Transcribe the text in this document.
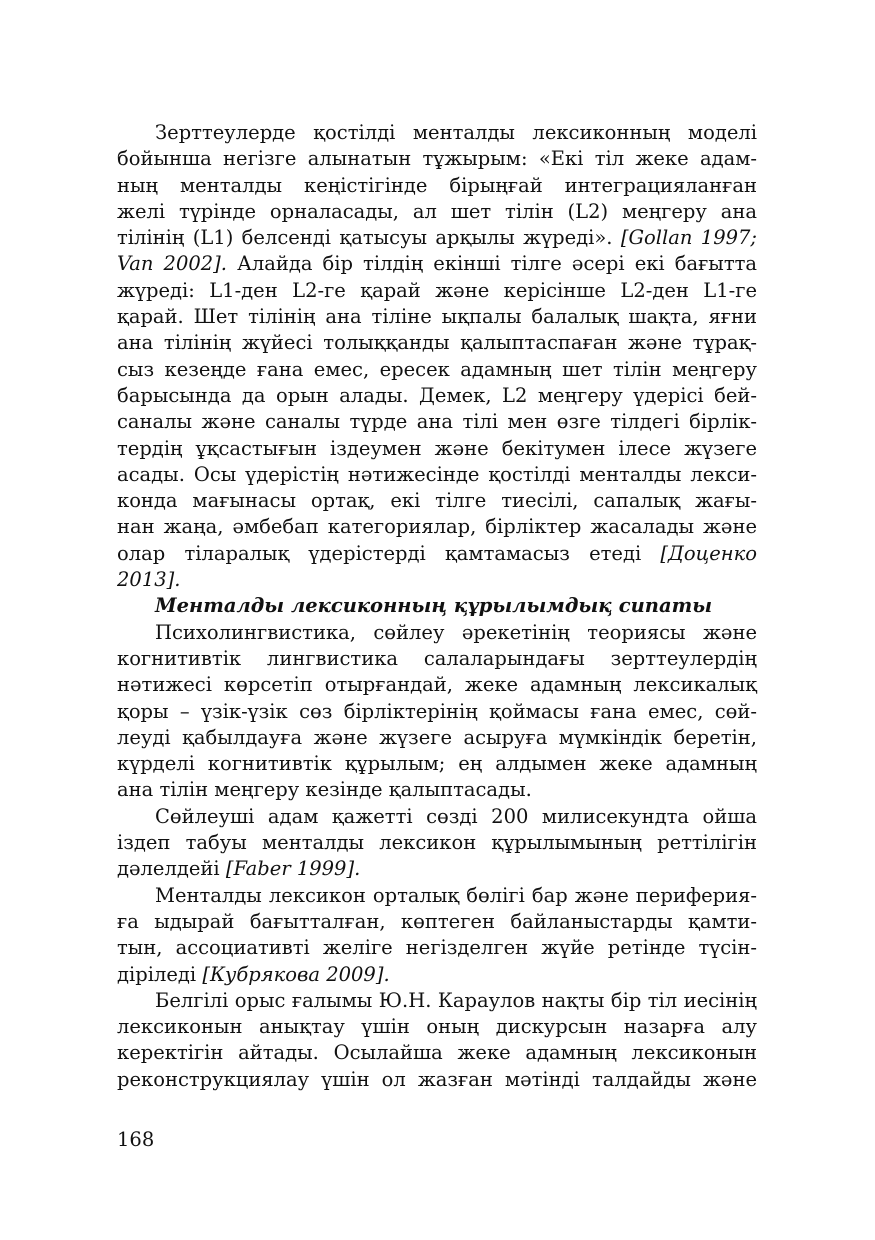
Зерттеулерде қостілді менталды лексиконның моделі
бойынша негізге алынатын тұжырым: «Екі тіл жеке адам-
ның менталды кеңістігінде бірыңғай интеграцияланған
желі түрінде орналасады, ал шет тілін (L2) меңгеру ана
тілінің (L1) белсенді қатысуы арқылы жүреді». [Gollan 1997;
Van 2002]. Алайда бір тілдің екінші тілге әсері екі бағытта
жүреді: L1-ден L2-ге қарай және керісінше L2-ден L1-ге
қарай. Шет тілінің ана тіліне ықпалы балалық шақта, яғни
ана тілінің жүйесі толыққанды қалыптаспаған және тұрақ-
сыз кезеңде ғана емес, ересек адамның шет тілін меңгеру
барысында да орын алады. Демек, L2 меңгеру үдерісі бей-
саналы және саналы түрде ана тілі мен өзге тілдегі бірлік-
тердің ұқсастығын іздеумен және бекітумен ілесе жүзеге
асады. Осы үдерістің нәтижесінде қостілді менталды лекси-
конда мағынасы ортақ, екі тілге тиесілі, сапалық жағы-
нан жаңа, әмбебап категориялар, бірліктер жасалады және
олар тіларалық үдерістерді қамтамасыз етеді [Доценко
2013].
Менталды лексиконның құрылымдық сипаты
Психолингвистика, сөйлеу әрекетінің теориясы және
когнитивтік лингвистика салаларындағы зерттеулердің
нәтижесі көрсетіп отырғандай, жеке адамның лексикалық
қоры – үзік-үзік сөз бірліктерінің қоймасы ғана емес, сөй-
леуді қабылдауға және жүзеге асыруға мүмкіндік беретін,
күрделі когнитивтік құрылым; ең алдымен жеке адамның
ана тілін меңгеру кезінде қалыптасады.
Сөйлеуші адам қажетті сөзді 200 милисекундта ойша
іздеп табуы менталды лексикон құрылымының реттілігін
дәлелдейі [Faber 1999].
Менталды лексикон орталық бөлігі бар және периферия-
ға ыдырай бағытталған, көптеген байланыстарды қамти-
тын, ассоциативті желіге негізделген жүйе ретінде түсін-
діріледі [Кубрякова 2009].
Белгілі орыс ғалымы Ю.Н. Караулов нақты бір тіл иесінің
лексиконын анықтау үшін оның дискурсын назарға алу
керектігін айтады. Осылайша жеке адамның лексиконын
реконструкциялау үшін ол жазған мәтінді талдайды және
168
